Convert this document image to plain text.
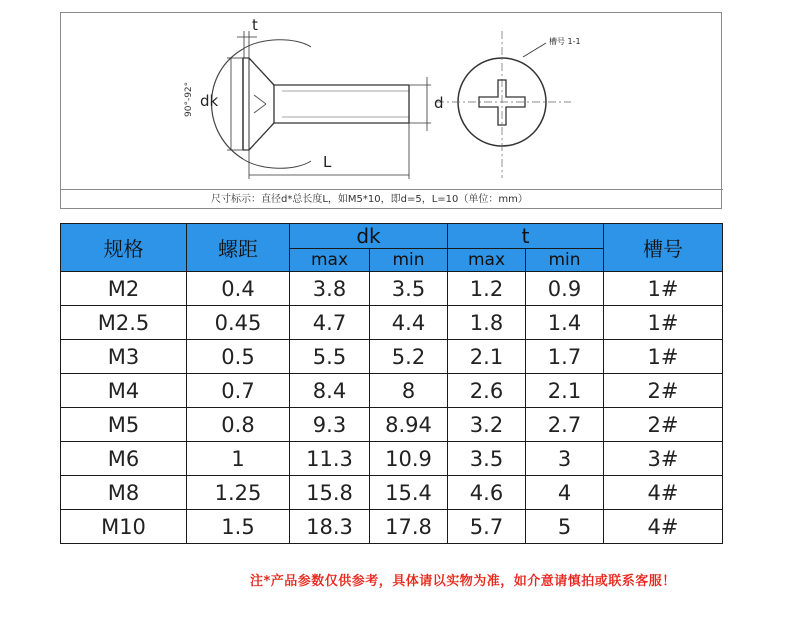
90°-92° dk
t
d
L
槽号 1-1
尺寸标示：直径d*总长度L，如M5*10，即d=5，L=10（单位：mm）
规格	螺距	dk		t		槽号
		max	min	max	min	
M2	0.4	3.8	3.5	1.2	0.9	1#
M2.5	0.45	4.7	4.4	1.8	1.4	1#
M3	0.5	5.5	5.2	2.1	1.7	1#
M4	0.7	8.4	8	2.6	2.1	2#
M5	0.8	9.3	8.94	3.2	2.7	2#
M6	1	11.3	10.9	3.5	3	3#
M8	1.25	15.8	15.4	4.6	4	4#
M10	1.5	18.3	17.8	5.7	5	4#
注*产品参数仅供参考，具体请以实物为准，如介意请慎拍或联系客服！
